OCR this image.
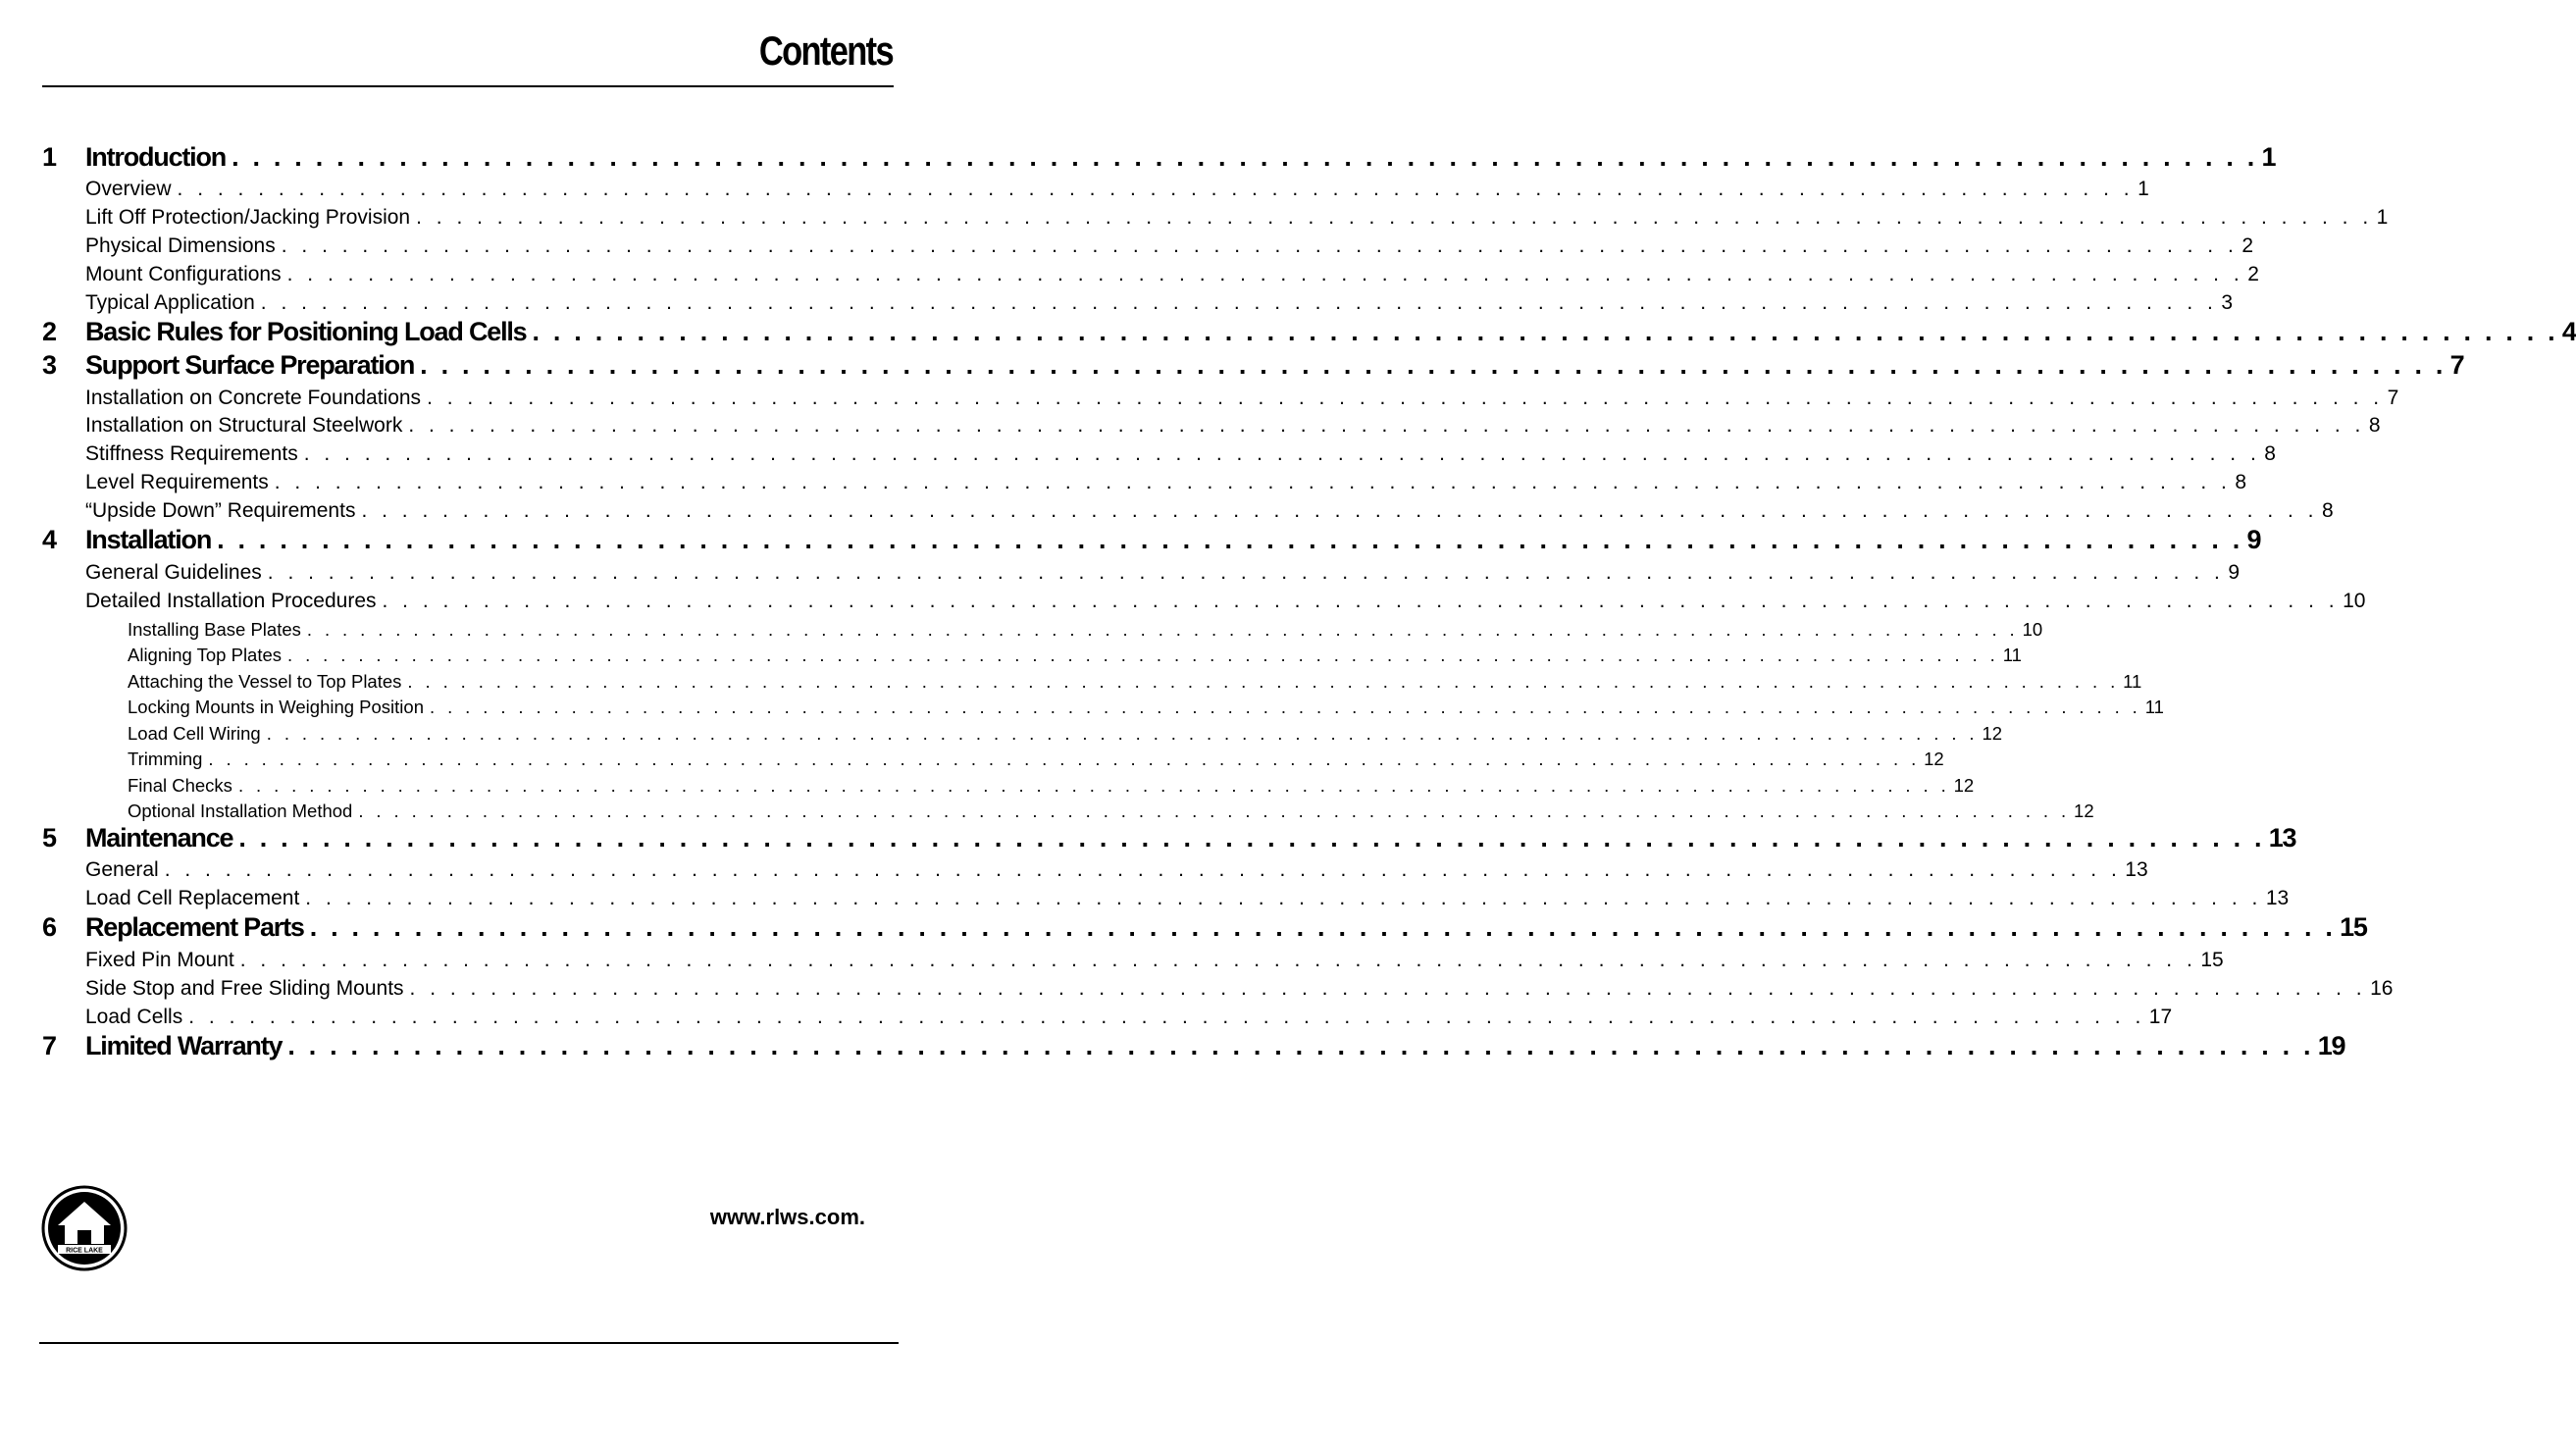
Contents
1 Introduction . . . . . . . . . . . . . . . . . . . . . . . . . . . . . . . . . . . . . . . . . . . . . . . . . . . . . . . . . . . . . . . . . . . . . . . . . . . . . . . . . . . . . . . . . . . . . . . . . 1
Overview . . . . . . . . . . . . . . . . . . . . . . . . . . . . . . . . . . . . . . . . . . . . . . . . . . . . . . . . . . . . . . . . . . . . . . . . . . . . . . . . . . . . . . . . . . . . . . . . . 1
Lift Off Protection/Jacking Provision . . . . . . . . . . . . . . . . . . . . . . . . . . . . . . . . . . . . . . . . . . . . . . . . . . . . . . . . . . . . . . . . . . . . . . . . . . . . . . . . . . . . . . . . . . . . . . . . . 1
Physical Dimensions . . . . . . . . . . . . . . . . . . . . . . . . . . . . . . . . . . . . . . . . . . . . . . . . . . . . . . . . . . . . . . . . . . . . . . . . . . . . . . . . . . . . . . . . . . . . . . . . . 2
Mount Configurations . . . . . . . . . . . . . . . . . . . . . . . . . . . . . . . . . . . . . . . . . . . . . . . . . . . . . . . . . . . . . . . . . . . . . . . . . . . . . . . . . . . . . . . . . . . . . . . . . 2
Typical Application . . . . . . . . . . . . . . . . . . . . . . . . . . . . . . . . . . . . . . . . . . . . . . . . . . . . . . . . . . . . . . . . . . . . . . . . . . . . . . . . . . . . . . . . . . . . . . . . . 3
2 Basic Rules for Positioning Load Cells . . . . . . . . . . . . . . . . . . . . . . . . . . . . . . . . . . . . . . . . . . . . . . . . . . . . . . . . . . . . . . . . . . . . . . . . . . . . . . . . . . . . . . . . . . . . . . . . . 4
3 Support Surface Preparation . . . . . . . . . . . . . . . . . . . . . . . . . . . . . . . . . . . . . . . . . . . . . . . . . . . . . . . . . . . . . . . . . . . . . . . . . . . . . . . . . . . . . . . . . . . . . . . . . 7
Installation on Concrete Foundations . . . . . . . . . . . . . . . . . . . . . . . . . . . . . . . . . . . . . . . . . . . . . . . . . . . . . . . . . . . . . . . . . . . . . . . . . . . . . . . . . . . . . . . . . . . . . . . . . 7
Installation on Structural Steelwork . . . . . . . . . . . . . . . . . . . . . . . . . . . . . . . . . . . . . . . . . . . . . . . . . . . . . . . . . . . . . . . . . . . . . . . . . . . . . . . . . . . . . . . . . . . . . . . . . 8
Stiffness Requirements . . . . . . . . . . . . . . . . . . . . . . . . . . . . . . . . . . . . . . . . . . . . . . . . . . . . . . . . . . . . . . . . . . . . . . . . . . . . . . . . . . . . . . . . . . . . . . . . . 8
Level Requirements . . . . . . . . . . . . . . . . . . . . . . . . . . . . . . . . . . . . . . . . . . . . . . . . . . . . . . . . . . . . . . . . . . . . . . . . . . . . . . . . . . . . . . . . . . . . . . . . . 8
“Upside Down” Requirements . . . . . . . . . . . . . . . . . . . . . . . . . . . . . . . . . . . . . . . . . . . . . . . . . . . . . . . . . . . . . . . . . . . . . . . . . . . . . . . . . . . . . . . . . . . . . . . . . 8
4 Installation . . . . . . . . . . . . . . . . . . . . . . . . . . . . . . . . . . . . . . . . . . . . . . . . . . . . . . . . . . . . . . . . . . . . . . . . . . . . . . . . . . . . . . . . . . . . . . . . . 9
General Guidelines . . . . . . . . . . . . . . . . . . . . . . . . . . . . . . . . . . . . . . . . . . . . . . . . . . . . . . . . . . . . . . . . . . . . . . . . . . . . . . . . . . . . . . . . . . . . . . . . . 9
Detailed Installation Procedures . . . . . . . . . . . . . . . . . . . . . . . . . . . . . . . . . . . . . . . . . . . . . . . . . . . . . . . . . . . . . . . . . . . . . . . . . . . . . . . . . . . . . . . . . . . . . . . . . 10
Installing Base Plates . . . . . . . . . . . . . . . . . . . . . . . . . . . . . . . . . . . . . . . . . . . . . . . . . . . . . . . . . . . . . . . . . . . . . . . . . . . . . . . . . . . . . . . . . . . . . . . . . 10
Aligning Top Plates . . . . . . . . . . . . . . . . . . . . . . . . . . . . . . . . . . . . . . . . . . . . . . . . . . . . . . . . . . . . . . . . . . . . . . . . . . . . . . . . . . . . . . . . . . . . . . . . . 11
Attaching the Vessel to Top Plates . . . . . . . . . . . . . . . . . . . . . . . . . . . . . . . . . . . . . . . . . . . . . . . . . . . . . . . . . . . . . . . . . . . . . . . . . . . . . . . . . . . . . . . . . . . . . . . . . 11
Locking Mounts in Weighing Position . . . . . . . . . . . . . . . . . . . . . . . . . . . . . . . . . . . . . . . . . . . . . . . . . . . . . . . . . . . . . . . . . . . . . . . . . . . . . . . . . . . . . . . . . . . . . . . . . 11
Load Cell Wiring . . . . . . . . . . . . . . . . . . . . . . . . . . . . . . . . . . . . . . . . . . . . . . . . . . . . . . . . . . . . . . . . . . . . . . . . . . . . . . . . . . . . . . . . . . . . . . . . . 12
Trimming . . . . . . . . . . . . . . . . . . . . . . . . . . . . . . . . . . . . . . . . . . . . . . . . . . . . . . . . . . . . . . . . . . . . . . . . . . . . . . . . . . . . . . . . . . . . . . . . . 12
Final Checks . . . . . . . . . . . . . . . . . . . . . . . . . . . . . . . . . . . . . . . . . . . . . . . . . . . . . . . . . . . . . . . . . . . . . . . . . . . . . . . . . . . . . . . . . . . . . . . . . 12
Optional Installation Method . . . . . . . . . . . . . . . . . . . . . . . . . . . . . . . . . . . . . . . . . . . . . . . . . . . . . . . . . . . . . . . . . . . . . . . . . . . . . . . . . . . . . . . . . . . . . . . . . 12
5 Maintenance . . . . . . . . . . . . . . . . . . . . . . . . . . . . . . . . . . . . . . . . . . . . . . . . . . . . . . . . . . . . . . . . . . . . . . . . . . . . . . . . . . . . . . . . . . . . . . . . . 13
General . . . . . . . . . . . . . . . . . . . . . . . . . . . . . . . . . . . . . . . . . . . . . . . . . . . . . . . . . . . . . . . . . . . . . . . . . . . . . . . . . . . . . . . . . . . . . . . . . 13
Load Cell Replacement . . . . . . . . . . . . . . . . . . . . . . . . . . . . . . . . . . . . . . . . . . . . . . . . . . . . . . . . . . . . . . . . . . . . . . . . . . . . . . . . . . . . . . . . . . . . . . . . . 13
6 Replacement Parts . . . . . . . . . . . . . . . . . . . . . . . . . . . . . . . . . . . . . . . . . . . . . . . . . . . . . . . . . . . . . . . . . . . . . . . . . . . . . . . . . . . . . . . . . . . . . . . . . 15
Fixed Pin Mount . . . . . . . . . . . . . . . . . . . . . . . . . . . . . . . . . . . . . . . . . . . . . . . . . . . . . . . . . . . . . . . . . . . . . . . . . . . . . . . . . . . . . . . . . . . . . . . . . 15
Side Stop and Free Sliding Mounts . . . . . . . . . . . . . . . . . . . . . . . . . . . . . . . . . . . . . . . . . . . . . . . . . . . . . . . . . . . . . . . . . . . . . . . . . . . . . . . . . . . . . . . . . . . . . . . . . 16
Load Cells . . . . . . . . . . . . . . . . . . . . . . . . . . . . . . . . . . . . . . . . . . . . . . . . . . . . . . . . . . . . . . . . . . . . . . . . . . . . . . . . . . . . . . . . . . . . . . . . . 17
7 Limited Warranty . . . . . . . . . . . . . . . . . . . . . . . . . . . . . . . . . . . . . . . . . . . . . . . . . . . . . . . . . . . . . . . . . . . . . . . . . . . . . . . . . . . . . . . . . . . . . . . . . 19
RICE LAKE
www.rlws.com.
